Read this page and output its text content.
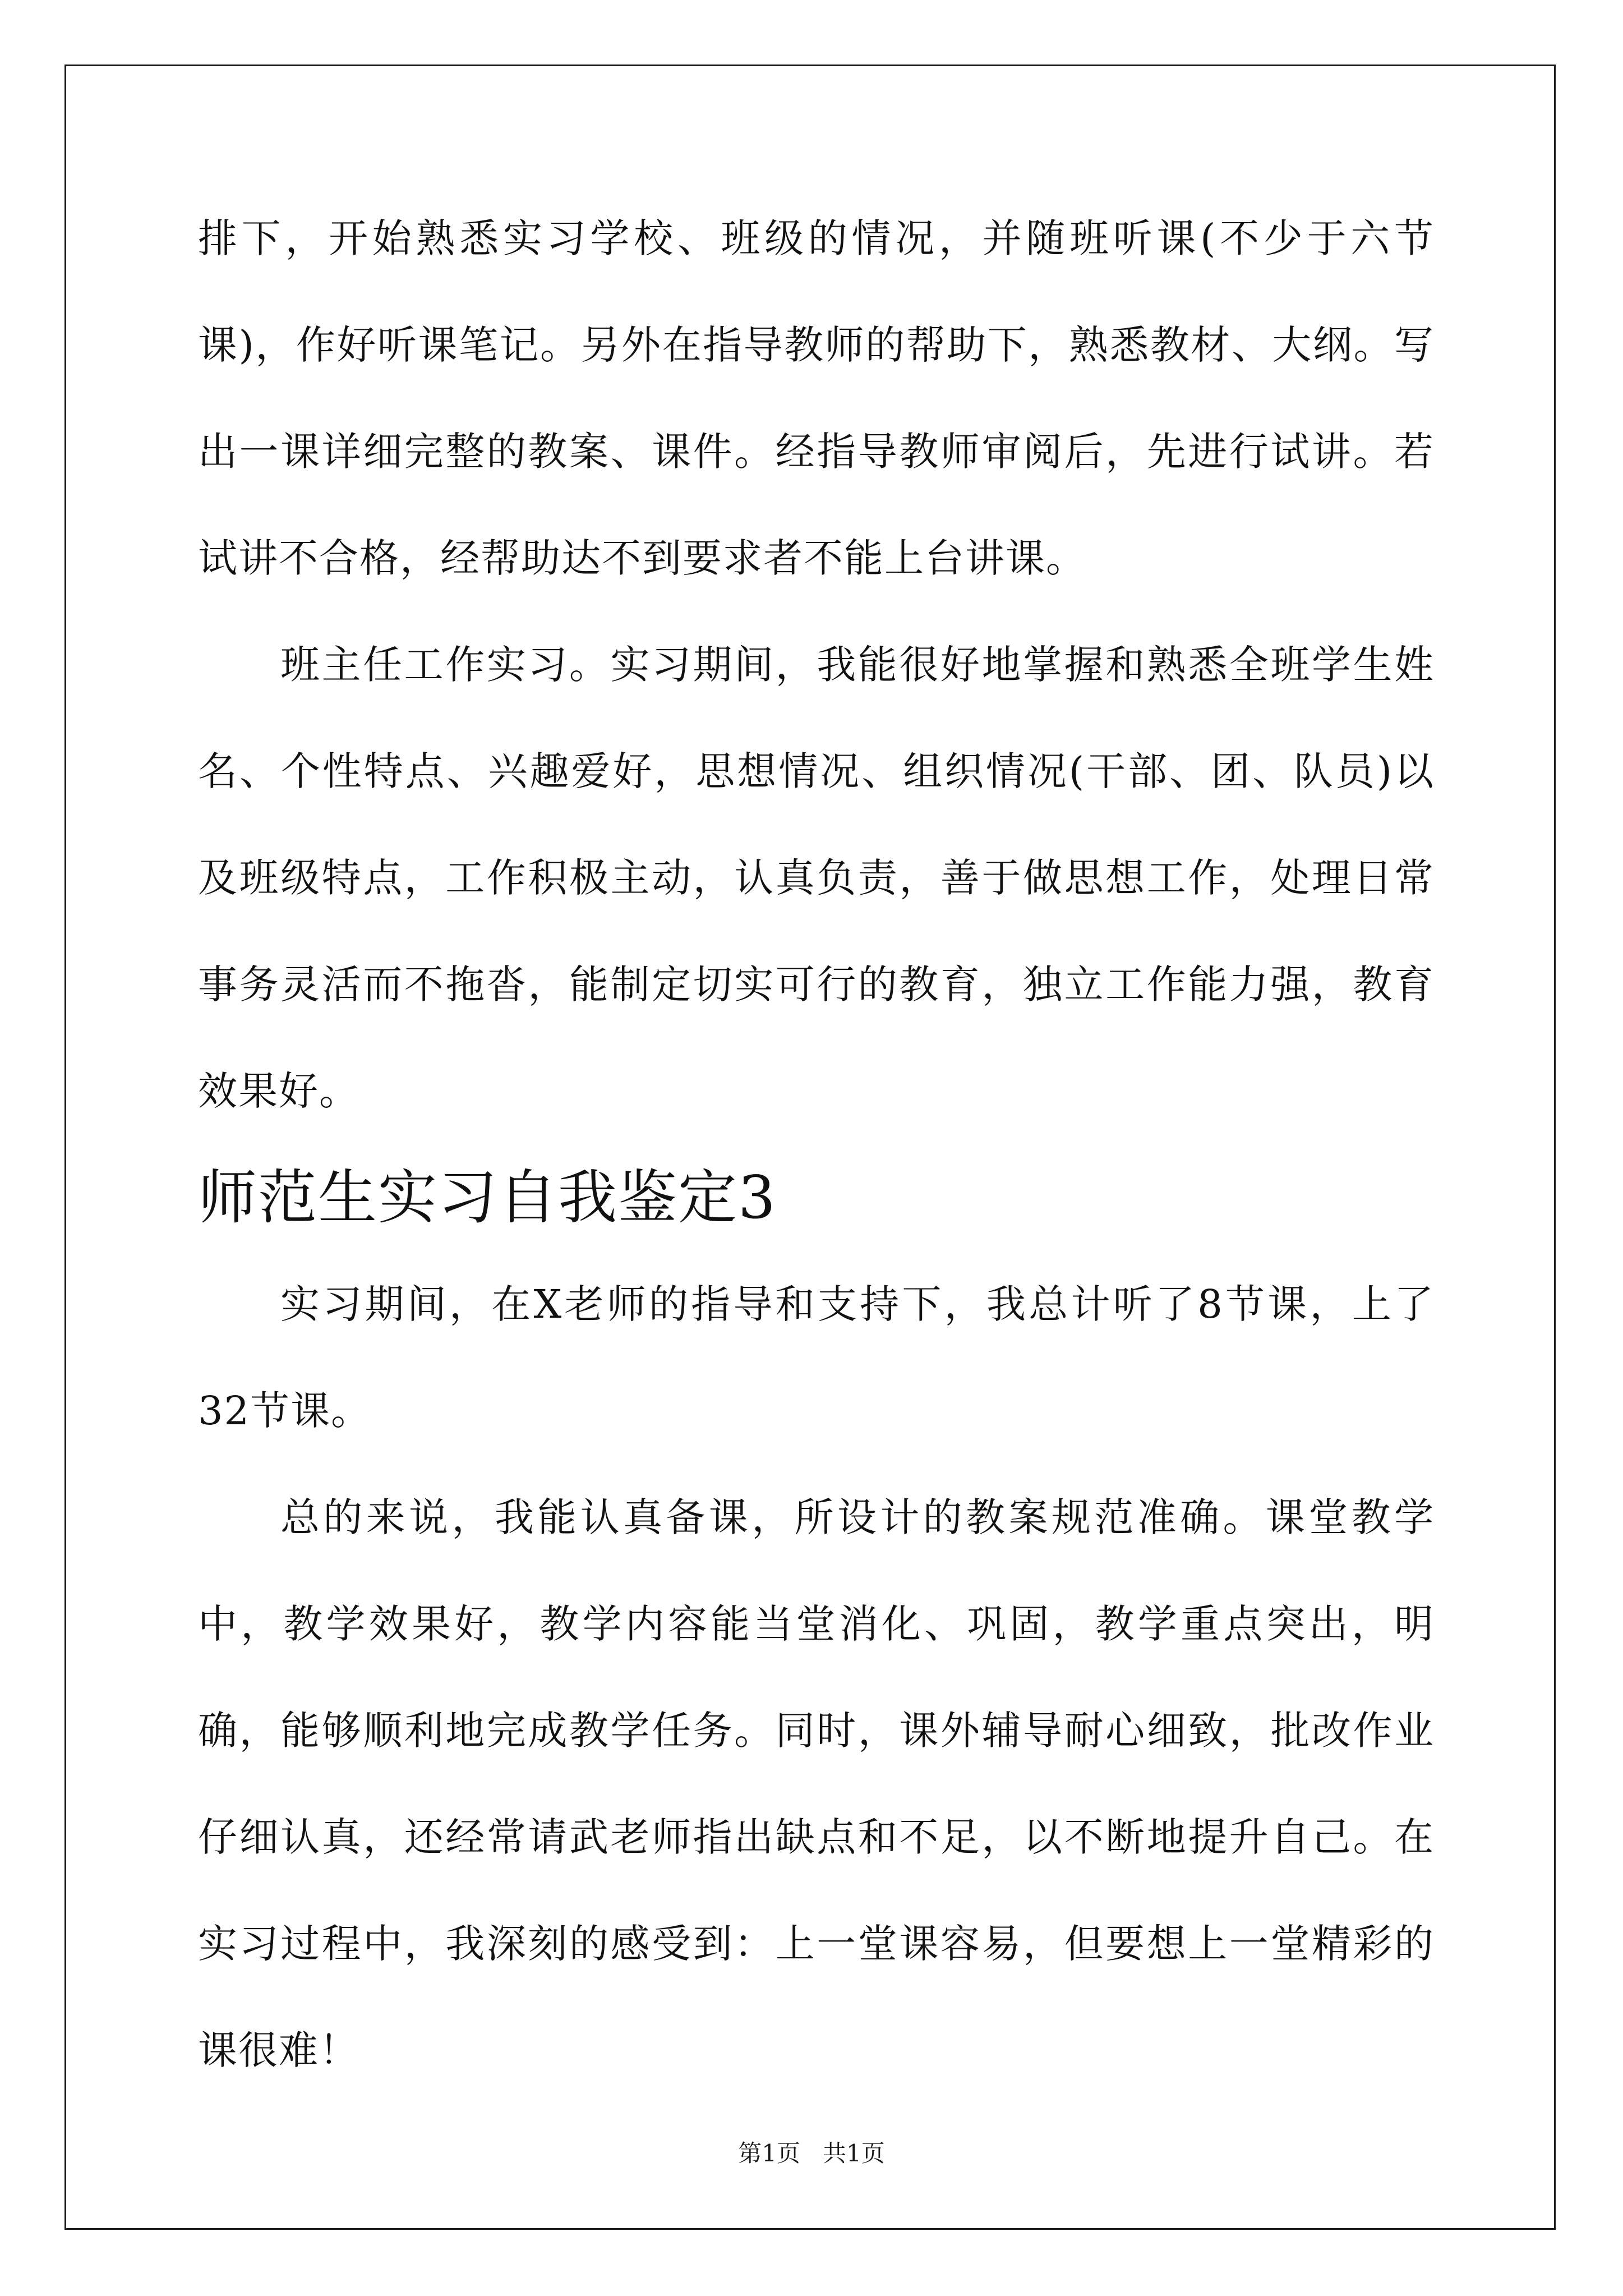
排下，开始熟悉实习学校、班级的情况，并随班听课(不少于六节课)，作好听课笔记。另外在指导教师的帮助下，熟悉教材、大纲。写出一课详细完整的教案、课件。经指导教师审阅后，先进行试讲。若试讲不合格，经帮助达不到要求者不能上台讲课。

班主任工作实习。实习期间，我能很好地掌握和熟悉全班学生姓名、个性特点、兴趣爱好，思想情况、组织情况(干部、团、队员)以及班级特点，工作积极主动，认真负责，善于做思想工作，处理日常事务灵活而不拖沓，能制定切实可行的教育，独立工作能力强，教育效果好。

师范生实习自我鉴定3

实习期间，在X老师的指导和支持下，我总计听了8节课，上了32节课。

总的来说，我能认真备课，所设计的教案规范准确。课堂教学中，教学效果好，教学内容能当堂消化、巩固，教学重点突出，明确，能够顺利地完成教学任务。同时，课外辅导耐心细致，批改作业仔细认真，还经常请武老师指出缺点和不足，以不断地提升自己。在实习过程中，我深刻的感受到：上一堂课容易，但要想上一堂精彩的课很难！

第1页 共1页
